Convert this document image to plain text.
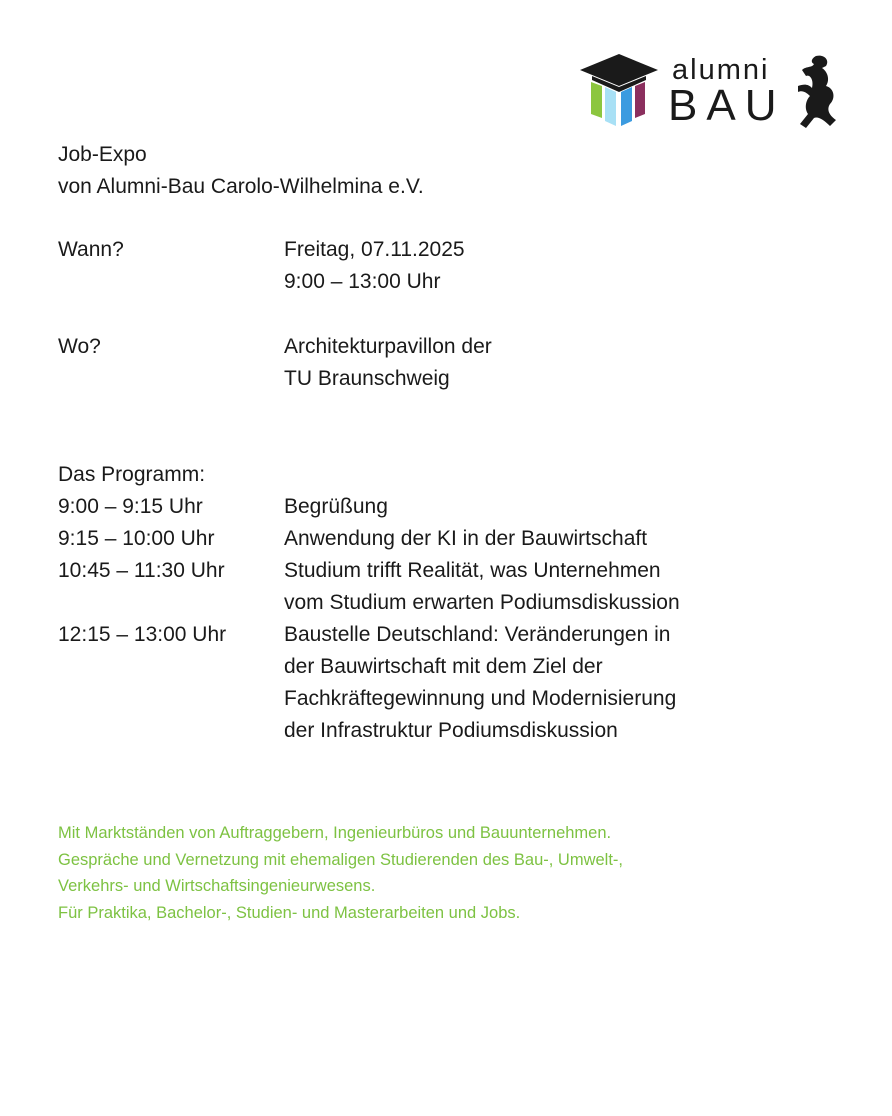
alumni
BAU
Job-Expo
von Alumni-Bau Carolo-Wilhelmina e.V.
Wann?	Freitag, 07.11.2025
9:00 – 13:00 Uhr
Wo?	Architekturpavillon der
TU Braunschweig
Das Programm:
9:00 – 9:15 Uhr	Begrüßung
9:15 – 10:00 Uhr	Anwendung der KI in der Bauwirtschaft
10:45 – 11:30 Uhr	Studium trifft Realität, was Unternehmen
vom Studium erwarten Podiumsdiskussion
12:15 – 13:00 Uhr	Baustelle Deutschland: Veränderungen in
der Bauwirtschaft mit dem Ziel der
Fachkräftegewinnung und Modernisierung
der Infrastruktur Podiumsdiskussion
Mit Marktständen von Auftraggebern, Ingenieurbüros und Bauunternehmen.
Gespräche und Vernetzung mit ehemaligen Studierenden des Bau-, Umwelt-,
Verkehrs- und Wirtschaftsingenieurwesens.
Für Praktika, Bachelor-, Studien- und Masterarbeiten und Jobs.
